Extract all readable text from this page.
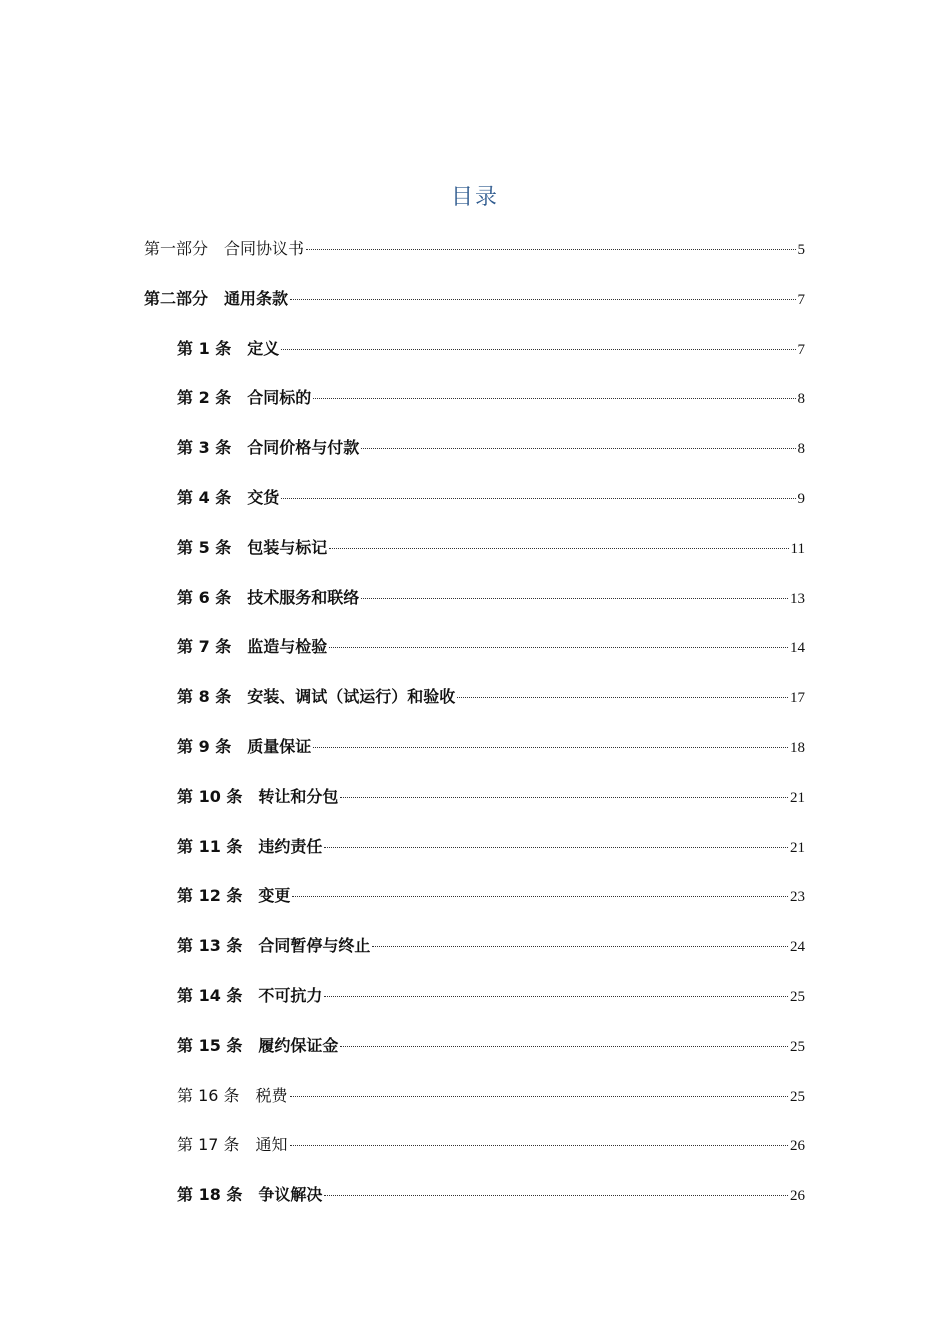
目录
第一部分 合同协议书	5
第二部分 通用条款	7
第 1 条 定义	7
第 2 条 合同标的	8
第 3 条 合同价格与付款	8
第 4 条 交货	9
第 5 条 包装与标记	11
第 6 条 技术服务和联络	13
第 7 条 监造与检验	14
第 8 条 安装、调试（试运行）和验收	17
第 9 条 质量保证	18
第 10 条 转让和分包	21
第 11 条 违约责任	21
第 12 条 变更	23
第 13 条 合同暂停与终止	24
第 14 条 不可抗力	25
第 15 条 履约保证金	25
第 16 条 税费	25
第 17 条 通知	26
第 18 条 争议解决	26
